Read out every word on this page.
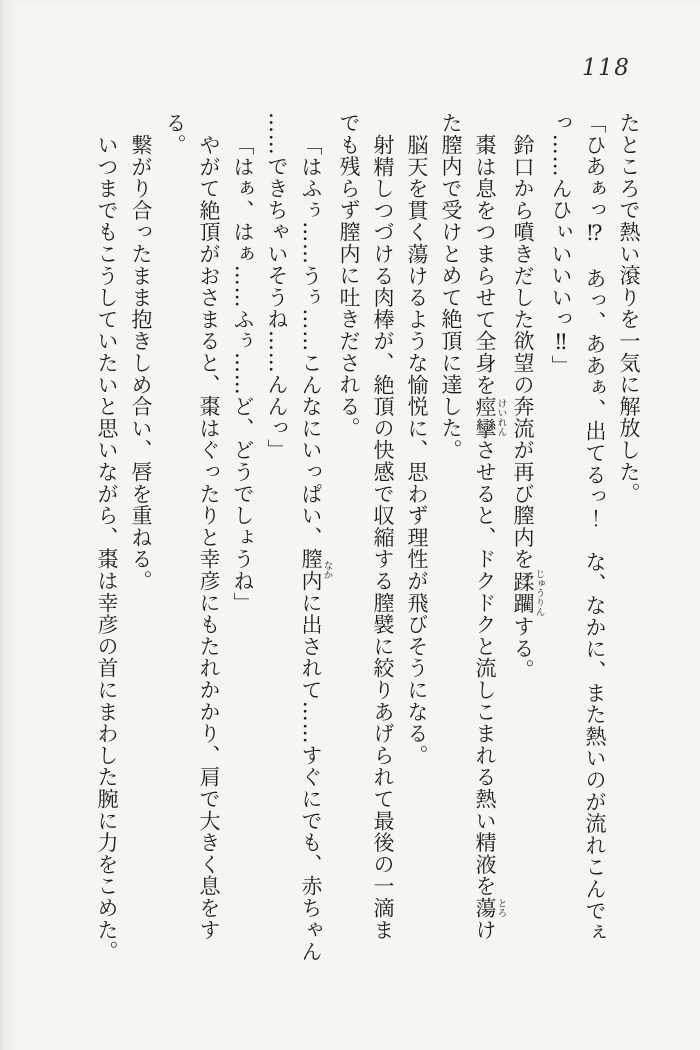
118

たところで熱い滾りを一気に解放した。

「ひあぁっ⁉　あっ、ああぁ、出てるっ！　な、なかに、また熱いのが流れこんでぇ

っ……んひぃいいいっ‼」

鈴口から噴きだした欲望の奔流が再び膣内を蹂躙じゅうりんする。

棗は息をつまらせて全身を痙攣けいれんさせると、ドクドクと流しこまれる熱い精液を蕩とろけ

た膣内で受けとめて絶頂に達した。

脳天を貫く蕩けるような愉悦に、思わず理性が飛びそうになる。

射精しつづける肉棒が、絶頂の快感で収縮する膣襞に絞りあげられて最後の一滴ま

でも残らず膣内に吐きだされる。

「はふぅ……うぅ……こんなにいっぱい、膣内なかに出されて……すぐにでも、赤ちゃん

……できちゃいそうね……んんっ」

「はぁ、はぁ……ふぅ……ど、どうでしょうね」

やがて絶頂がおさまると、棗はぐったりと幸彦にもたれかかり、肩で大きく息をす

る。

繋がり合ったまま抱きしめ合い、唇を重ねる。

いつまでもこうしていたいと思いながら、棗は幸彦の首にまわした腕に力をこめた。
